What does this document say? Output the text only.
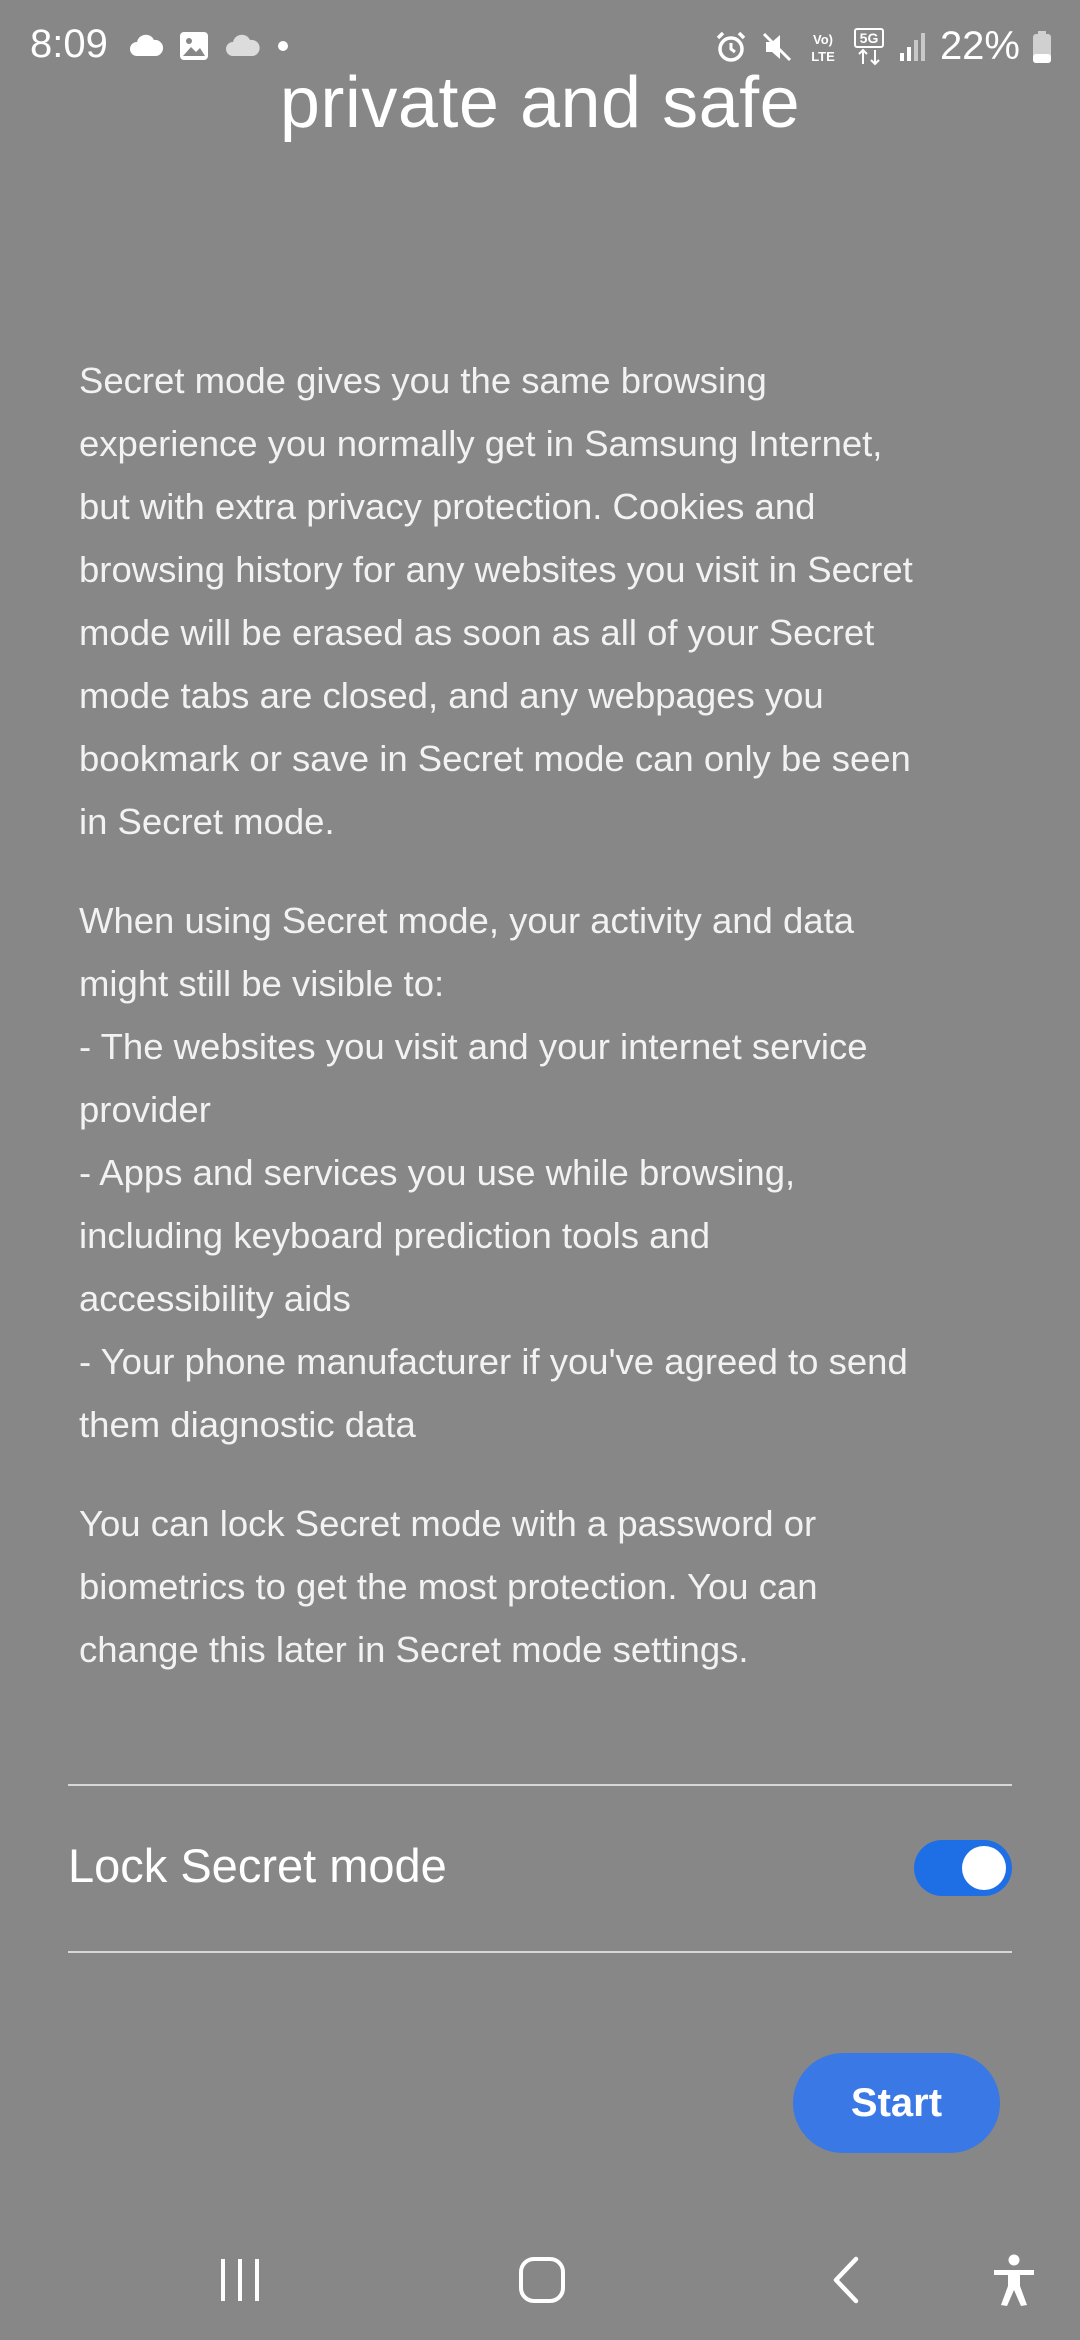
8:09	Vo)
LTE
5G 22%
private and safe

Secret mode gives you the same browsing
experience you normally get in Samsung Internet,
but with extra privacy protection. Cookies and
browsing history for any websites you visit in Secret
mode will be erased as soon as all of your Secret
mode tabs are closed, and any webpages you
bookmark or save in Secret mode can only be seen
in Secret mode.

When using Secret mode, your activity and data
might still be visible to:
- The websites you visit and your internet service
provider
- Apps and services you use while browsing,
including keyboard prediction tools and
accessibility aids
- Your phone manufacturer if you've agreed to send
them diagnostic data

You can lock Secret mode with a password or
biometrics to get the most protection. You can
change this later in Secret mode settings.

Lock Secret mode
Start
